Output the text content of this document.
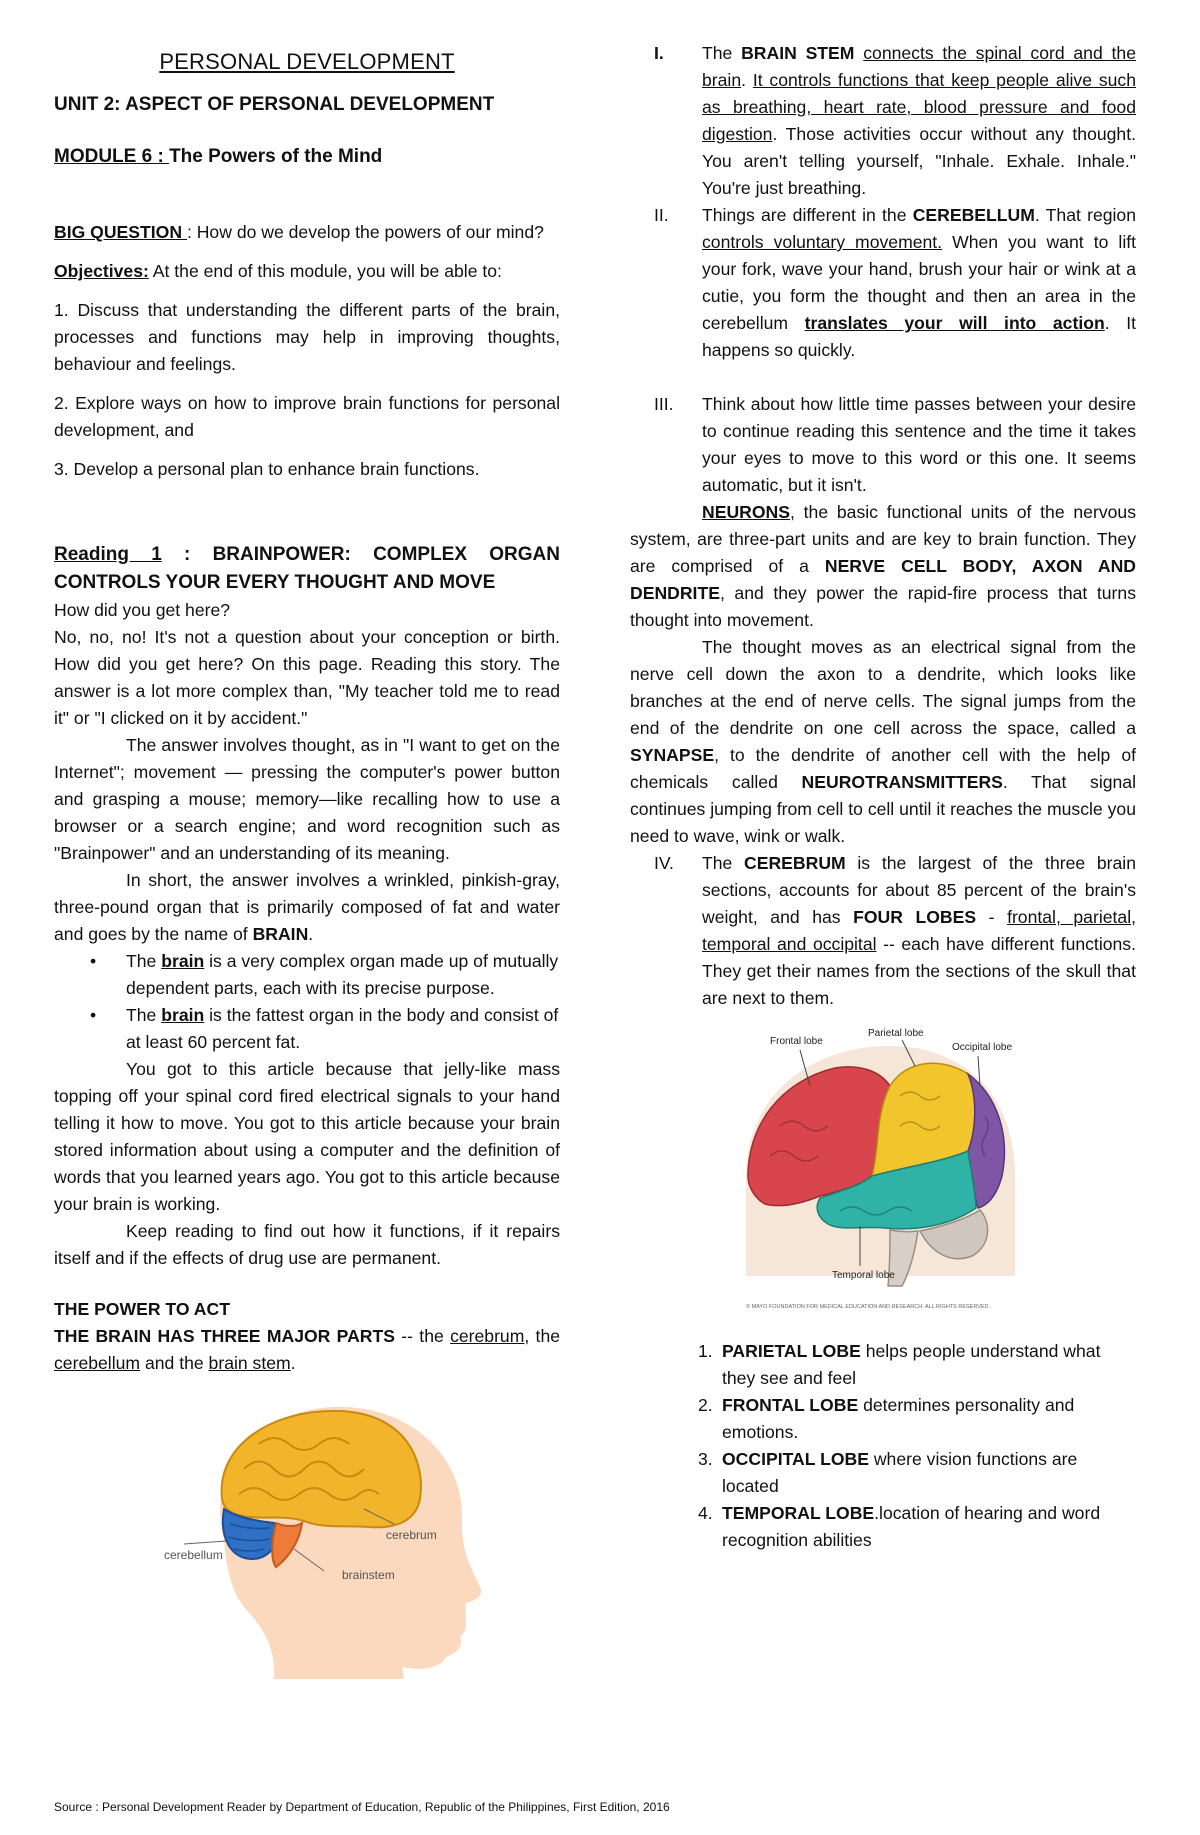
PERSONAL DEVELOPMENT

UNIT 2: ASPECT OF PERSONAL DEVELOPMENT

MODULE 6 : The Powers of the Mind

BIG QUESTION : How do we develop the powers of our mind?

Objectives: At the end of this module, you will be able to:

1. Discuss that understanding the different parts of the brain, processes and functions may help in improving thoughts, behaviour and feelings.

2. Explore ways on how to improve brain functions for personal development, and

3. Develop a personal plan to enhance brain functions.

Reading 1 : BRAINPOWER: COMPLEX ORGAN CONTROLS YOUR EVERY THOUGHT AND MOVE

How did you get here?

No, no, no! It's not a question about your conception or birth. How did you get here? On this page. Reading this story. The answer is a lot more complex than, "My teacher told me to read it" or "I clicked on it by accident."

The answer involves thought, as in "I want to get on the Internet"; movement — pressing the computer's power button and grasping a mouse; memory—like recalling how to use a browser or a search engine; and word recognition such as "Brainpower" and an understanding of its meaning.

In short, the answer involves a wrinkled, pinkish-gray, three-pound organ that is primarily composed of fat and water and goes by the name of BRAIN.

• The brain is a very complex organ made up of mutually dependent parts, each with its precise purpose.
• The brain is the fattest organ in the body and consist of at least 60 percent fat.

You got to this article because that jelly-like mass topping off your spinal cord fired electrical signals to your hand telling it how to move. You got to this article because your brain stored information about using a computer and the definition of words that you learned years ago. You got to this article because your brain is working.

Keep reading to find out how it functions, if it repairs itself and if the effects of drug use are permanent.

THE POWER TO ACT

THE BRAIN HAS THREE MAJOR PARTS -- the cerebrum, the cerebellum and the brain stem.

cerebellum
cerebrum
brainstem
I.	The BRAIN STEM connects the spinal cord and the brain. It controls functions that keep people alive such as breathing, heart rate, blood pressure and food digestion. Those activities occur without any thought. You aren't telling yourself, "Inhale. Exhale. Inhale." You're just breathing.
II.	Things are different in the CEREBELLUM. That region controls voluntary movement. When you want to lift your fork, wave your hand, brush your hair or wink at a cutie, you form the thought and then an area in the cerebellum translates your will into action. It happens so quickly.
III.	Think about how little time passes between your desire to continue reading this sentence and the time it takes your eyes to move to this word or this one. It seems automatic, but it isn't.

NEURONS, the basic functional units of the nervous system, are three-part units and are key to brain function. They are comprised of a NERVE CELL BODY, AXON AND DENDRITE, and they power the rapid-fire process that turns thought into movement.

The thought moves as an electrical signal from the nerve cell down the axon to a dendrite, which looks like branches at the end of nerve cells. The signal jumps from the end of the dendrite on one cell across the space, called a SYNAPSE, to the dendrite of another cell with the help of chemicals called NEUROTRANSMITTERS. That signal continues jumping from cell to cell until it reaches the muscle you need to wave, wink or walk.

IV.	The CEREBRUM is the largest of the three brain sections, accounts for about 85 percent of the brain's weight, and has FOUR LOBES - frontal, parietal, temporal and occipital -- each have different functions. They get their names from the sections of the skull that are next to them.
Frontal lobe
Parietal lobe
Occipital lobe
Temporal lobe
© MAYO FOUNDATION FOR MEDICAL EDUCATION AND RESEARCH. ALL RIGHTS RESERVED.
1. PARIETAL LOBE helps people understand what they see and feel
2. FRONTAL LOBE determines personality and emotions.
3. OCCIPITAL LOBE where vision functions are located
4. TEMPORAL LOBE.location of hearing and word recognition abilities
Source : Personal Development Reader by Department of Education, Republic of the Philippines, First Edition, 2016
